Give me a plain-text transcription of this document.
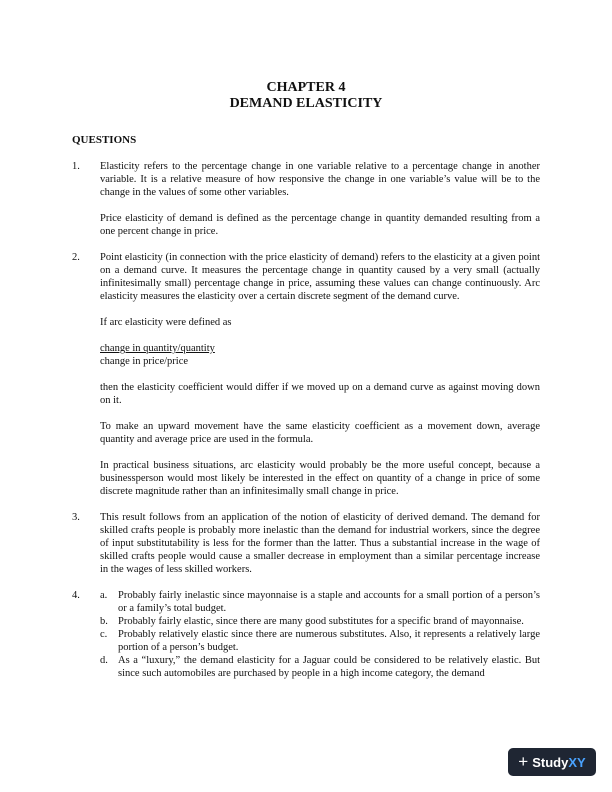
CHAPTER 4
DEMAND ELASTICITY
QUESTIONS
1. Elasticity refers to the percentage change in one variable relative to a percentage change in another variable. It is a relative measure of how responsive the change in one variable’s value will be to the change in the values of some other variables.

Price elasticity of demand is defined as the percentage change in quantity demanded resulting from a one percent change in price.

2. Point elasticity (in connection with the price elasticity of demand) refers to the elasticity at a given point on a demand curve. It measures the percentage change in quantity caused by a very small (actually infinitesimally small) percentage change in price, assuming these values can change continuously. Arc elasticity measures the elasticity over a certain discrete segment of the demand curve.

If arc elasticity were defined as

change in quantity/quantity

change in price/price

then the elasticity coefficient would differ if we moved up on a demand curve as against moving down on it.

To make an upward movement have the same elasticity coefficient as a movement down, average quantity and average price are used in the formula.

In practical business situations, arc elasticity would probably be the more useful concept, because a businessperson would most likely be interested in the effect on quantity of a change in price of some discrete magnitude rather than an infinitesimally small change in price.

3. This result follows from an application of the notion of elasticity of derived demand. The demand for skilled crafts people is probably more inelastic than the demand for industrial workers, since the degree of input substitutability is less for the former than the latter. Thus a substantial increase in the wage of skilled crafts people would cause a smaller decrease in employment than a similar percentage increase in the wages of less skilled workers.

4. a. Probably fairly inelastic since mayonnaise is a staple and accounts for a small portion of a person’s or a family’s total budget.

b. Probably fairly elastic, since there are many good substitutes for a specific brand of mayonnaise.

c. Probably relatively elastic since there are numerous substitutes. Also, it represents a relatively large portion of a person’s budget.

d. As a “luxury,” the demand elasticity for a Jaguar could be considered to be relatively elastic. But since such automobiles are purchased by people in a high income category, the demand

+ Study XY
